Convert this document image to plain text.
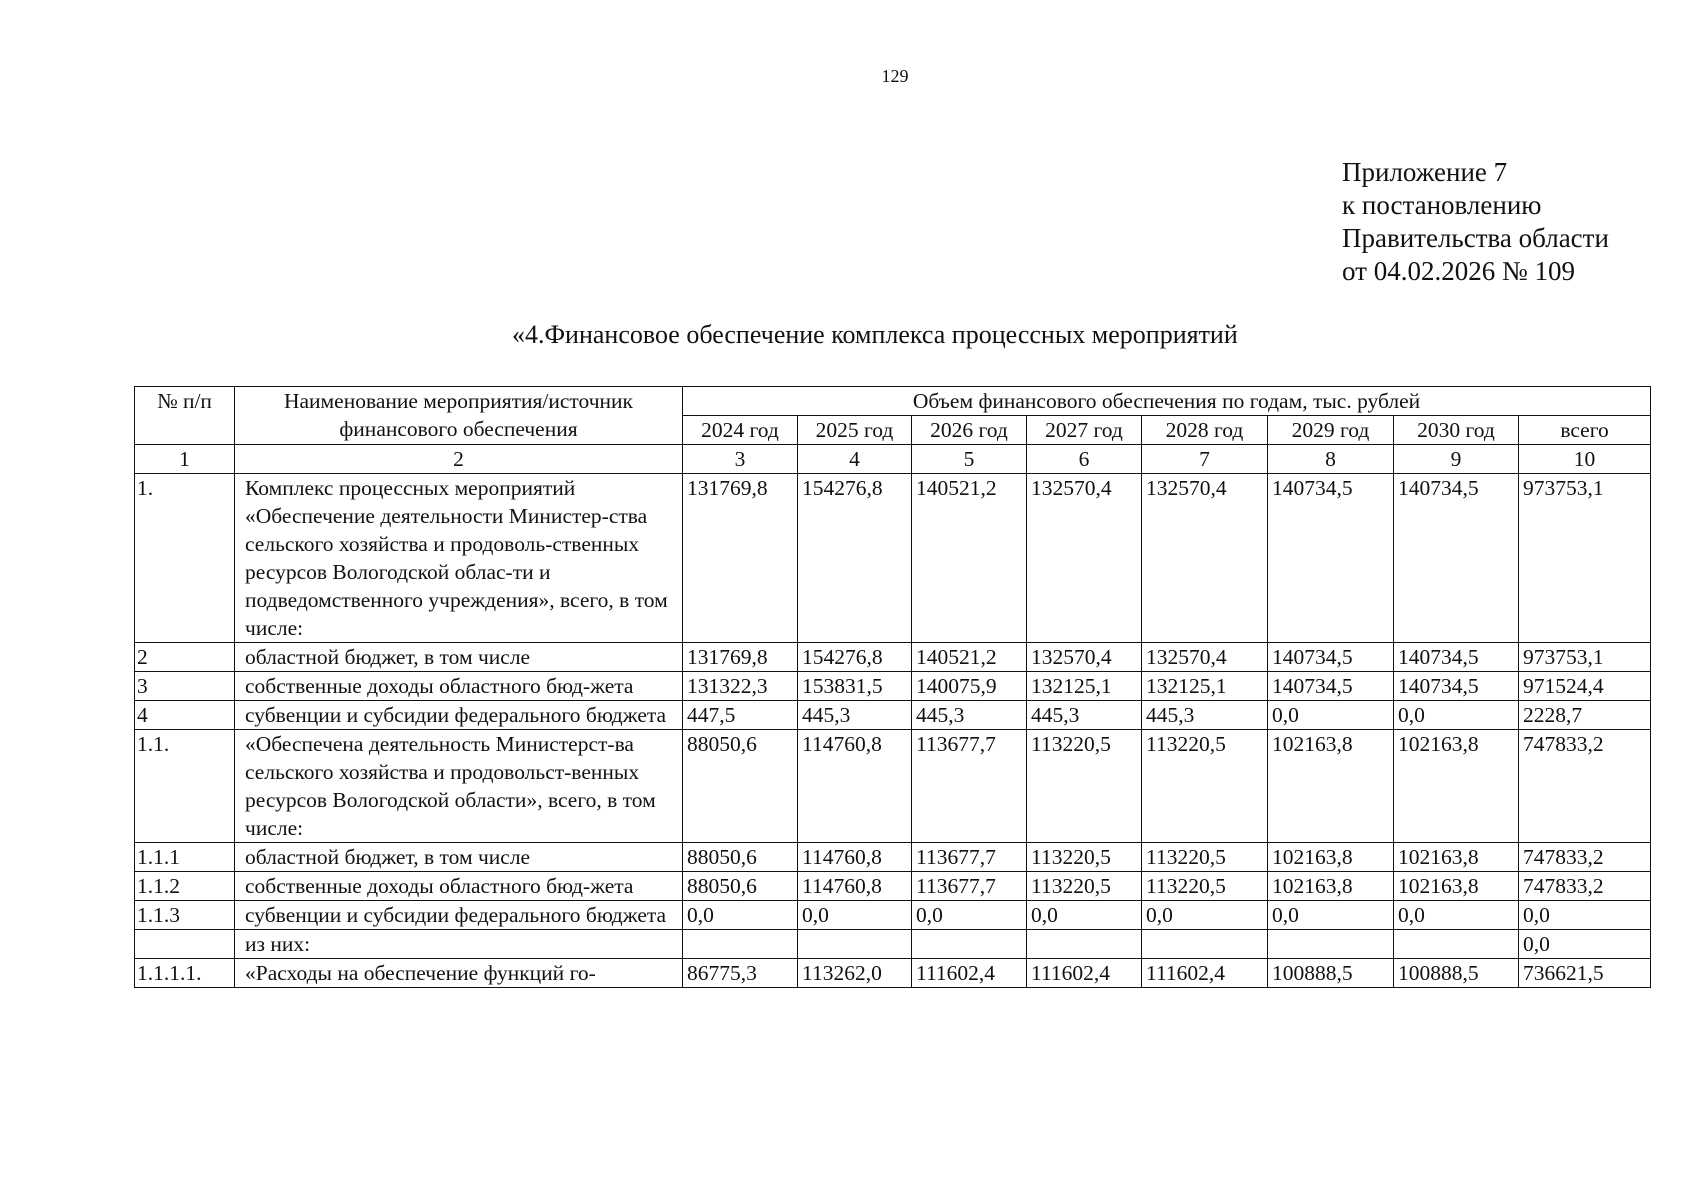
129
Приложение 7
к постановлению
Правительства области
от 04.02.2026 № 109
«4.Финансовое обеспечение комплекса процессных мероприятий
№ п/п	Наименование мероприятия/источник финансового обеспечения	Объем финансового обеспечения по годам, тыс. рублей							
		2024 год	2025 год	2026 год	2027 год	2028 год	2029 год	2030 год	всего
1	2	3	4	5	6	7	8	9	10
1.	Комплекс процессных мероприятий «Обеспечение деятельности Министер-ства сельского хозяйства и продоволь-ственных ресурсов Вологодской облас-ти и подведомственного учреждения», всего, в том числе:	131769,8	154276,8	140521,2	132570,4	132570,4	140734,5	140734,5	973753,1
2	областной бюджет, в том числе	131769,8	154276,8	140521,2	132570,4	132570,4	140734,5	140734,5	973753,1
3	собственные доходы областного бюд-жета	131322,3	153831,5	140075,9	132125,1	132125,1	140734,5	140734,5	971524,4
4	субвенции и субсидии федерального бюджета	447,5	445,3	445,3	445,3	445,3	0,0	0,0	2228,7
1.1.	«Обеспечена деятельность Министерст-ва сельского хозяйства и продовольст-венных ресурсов Вологодской области», всего, в том числе:	88050,6	114760,8	113677,7	113220,5	113220,5	102163,8	102163,8	747833,2
1.1.1	областной бюджет, в том числе	88050,6	114760,8	113677,7	113220,5	113220,5	102163,8	102163,8	747833,2
1.1.2	собственные доходы областного бюд-жета	88050,6	114760,8	113677,7	113220,5	113220,5	102163,8	102163,8	747833,2
1.1.3	субвенции и субсидии федерального бюджета	0,0	0,0	0,0	0,0	0,0	0,0	0,0	0,0
	из них:								0,0
1.1.1.1.	«Расходы на обеспечение функций го-	86775,3	113262,0	111602,4	111602,4	111602,4	100888,5	100888,5	736621,5
